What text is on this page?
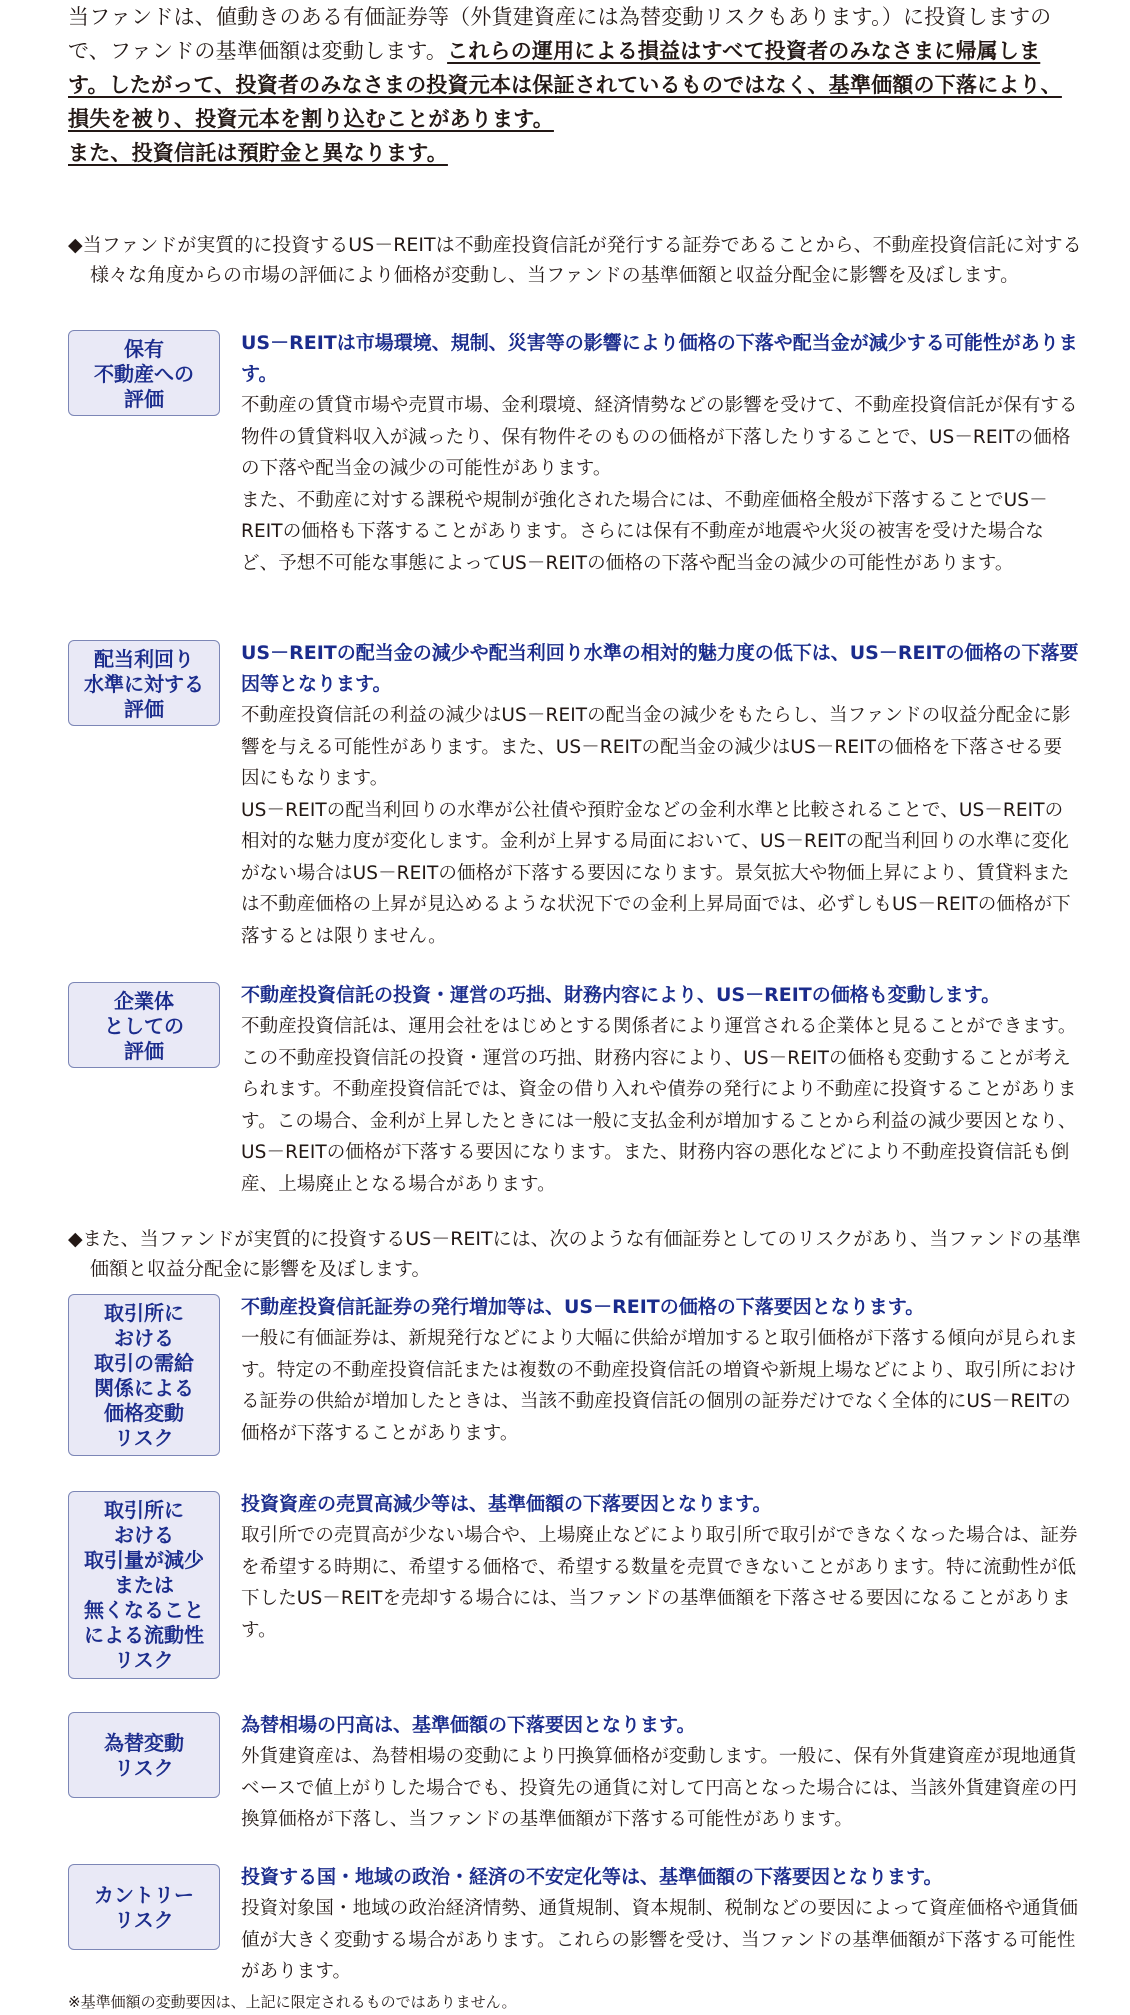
当ファンドは、値動きのある有価証券等（外貨建資産には為替変動リスクもあります。）に投資しますので、ファンドの基準価額は変動します。これらの運用による損益はすべて投資者のみなさまに帰属します。したがって、投資者のみなさまの投資元本は保証されているものではなく、基準価額の下落により、損失を被り、投資元本を割り込むことがあります。
また、投資信託は預貯金と異なります。
◆当ファンドが実質的に投資するUS－REITは不動産投資信託が発行する証券であることから、不動産投資信託に対する様々な角度からの市場の評価により価格が変動し、当ファンドの基準価額と収益分配金に影響を及ぼします。
保有
不動産への
評価
US－REITは市場環境、規制、災害等の影響により価格の下落や配当金が減少する可能性があります。
不動産の賃貸市場や売買市場、金利環境、経済情勢などの影響を受けて、不動産投資信託が保有する物件の賃貸料収入が減ったり、保有物件そのものの価格が下落したりすることで、US－REITの価格の下落や配当金の減少の可能性があります。
また、不動産に対する課税や規制が強化された場合には、不動産価格全般が下落することでUS－REITの価格も下落することがあります。さらには保有不動産が地震や火災の被害を受けた場合など、予想不可能な事態によってUS－REITの価格の下落や配当金の減少の可能性があります。
配当利回り
水準に対する
評価
US－REITの配当金の減少や配当利回り水準の相対的魅力度の低下は、US－REITの価格の下落要因等となります。
不動産投資信託の利益の減少はUS－REITの配当金の減少をもたらし、当ファンドの収益分配金に影響を与える可能性があります。また、US－REITの配当金の減少はUS－REITの価格を下落させる要因にもなります。
US－REITの配当利回りの水準が公社債や預貯金などの金利水準と比較されることで、US－REITの相対的な魅力度が変化します。金利が上昇する局面において、US－REITの配当利回りの水準に変化がない場合はUS－REITの価格が下落する要因になります。景気拡大や物価上昇により、賃貸料または不動産価格の上昇が見込めるような状況下での金利上昇局面では、必ずしもUS－REITの価格が下落するとは限りません。
企業体
としての
評価
不動産投資信託の投資・運営の巧拙、財務内容により、US－REITの価格も変動します。
不動産投資信託は、運用会社をはじめとする関係者により運営される企業体と見ることができます。この不動産投資信託の投資・運営の巧拙、財務内容により、US－REITの価格も変動することが考えられます。不動産投資信託では、資金の借り入れや債券の発行により不動産に投資することがあります。この場合、金利が上昇したときには一般に支払金利が増加することから利益の減少要因となり、US－REITの価格が下落する要因になります。また、財務内容の悪化などにより不動産投資信託も倒産、上場廃止となる場合があります。
◆また、当ファンドが実質的に投資するUS－REITには、次のような有価証券としてのリスクがあり、当ファンドの基準価額と収益分配金に影響を及ぼします。
取引所に
おける
取引の需給
関係による
価格変動
リスク
不動産投資信託証券の発行増加等は、US－REITの価格の下落要因となります。
一般に有価証券は、新規発行などにより大幅に供給が増加すると取引価格が下落する傾向が見られます。特定の不動産投資信託または複数の不動産投資信託の増資や新規上場などにより、取引所における証券の供給が増加したときは、当該不動産投資信託の個別の証券だけでなく全体的にUS－REITの価格が下落することがあります。
取引所に
おける
取引量が減少
または
無くなること
による流動性
リスク
投資資産の売買高減少等は、基準価額の下落要因となります。
取引所での売買高が少ない場合や、上場廃止などにより取引所で取引ができなくなった場合は、証券を希望する時期に、希望する価格で、希望する数量を売買できないことがあります。特に流動性が低下したUS－REITを売却する場合には、当ファンドの基準価額を下落させる要因になることがあります。
為替変動
リスク
為替相場の円高は、基準価額の下落要因となります。
外貨建資産は、為替相場の変動により円換算価格が変動します。一般に、保有外貨建資産が現地通貨ベースで値上がりした場合でも、投資先の通貨に対して円高となった場合には、当該外貨建資産の円換算価格が下落し、当ファンドの基準価額が下落する可能性があります。
カントリー
リスク
投資する国・地域の政治・経済の不安定化等は、基準価額の下落要因となります。
投資対象国・地域の政治経済情勢、通貨規制、資本規制、税制などの要因によって資産価格や通貨価値が大きく変動する場合があります。これらの影響を受け、当ファンドの基準価額が下落する可能性があります。
※基準価額の変動要因は、上記に限定されるものではありません。
